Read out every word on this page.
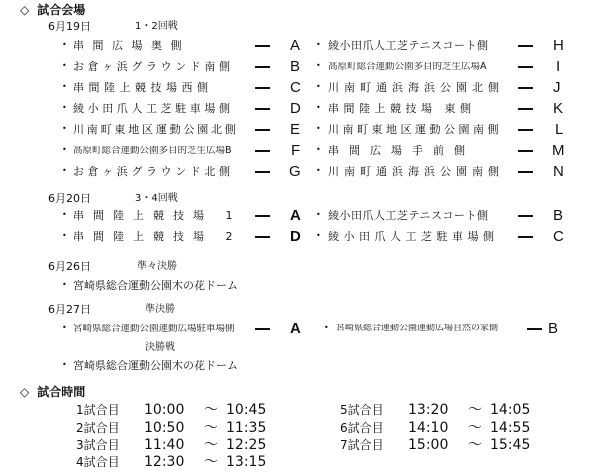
◇ 試合会場
6月19日	1・2回戦
• 串間広場奥側	A • 綾小田爪人工芝テニスコート側	H
• お倉ヶ浜グラウンド南側	B • 高原町総合運動公園多目的芝生広場A	I
• 串間陸上競技場西側	C • 川南町通浜海浜公園北側	J
• 綾小田爪人工芝駐車場側	D • 串間陸上競技場 東側	K
• 川南町東地区運動公園北側	E • 川南町東地区運動公園南側	L
• 高原町総合運動公園多目的芝生広場B	F • 串間広場手前側	M
• お倉ヶ浜グラウンド北側	G • 川南町通浜海浜公園南側	N
6月20日	3・4回戦
• 串間陸上競技場 1	A • 綾小田爪人工芝テニスコート側	B
• 串間陸上競技場 2	D • 綾小田爪人工芝駐車場側	C
6月26日	準々決勝
• 宮崎県総合運動公園木の花ドーム
6月27日	準決勝
• 宮崎県総合運動公園運動広場駐車場側	A	• 宮崎県総合運動公園運動広場自然の家側	B
決勝戦
• 宮崎県総合運動公園木の花ドーム
◇ 試合時間
1試合目 10:00 ～ 10:45
2試合目 10:50 ～ 11:35
3試合目 11:40 ～ 12:25
4試合目 12:30 ～ 13:15
5試合目 13:20 ～ 14:05
6試合目 14:10 ～ 14:55
7試合目 15:00 ～ 15:45
